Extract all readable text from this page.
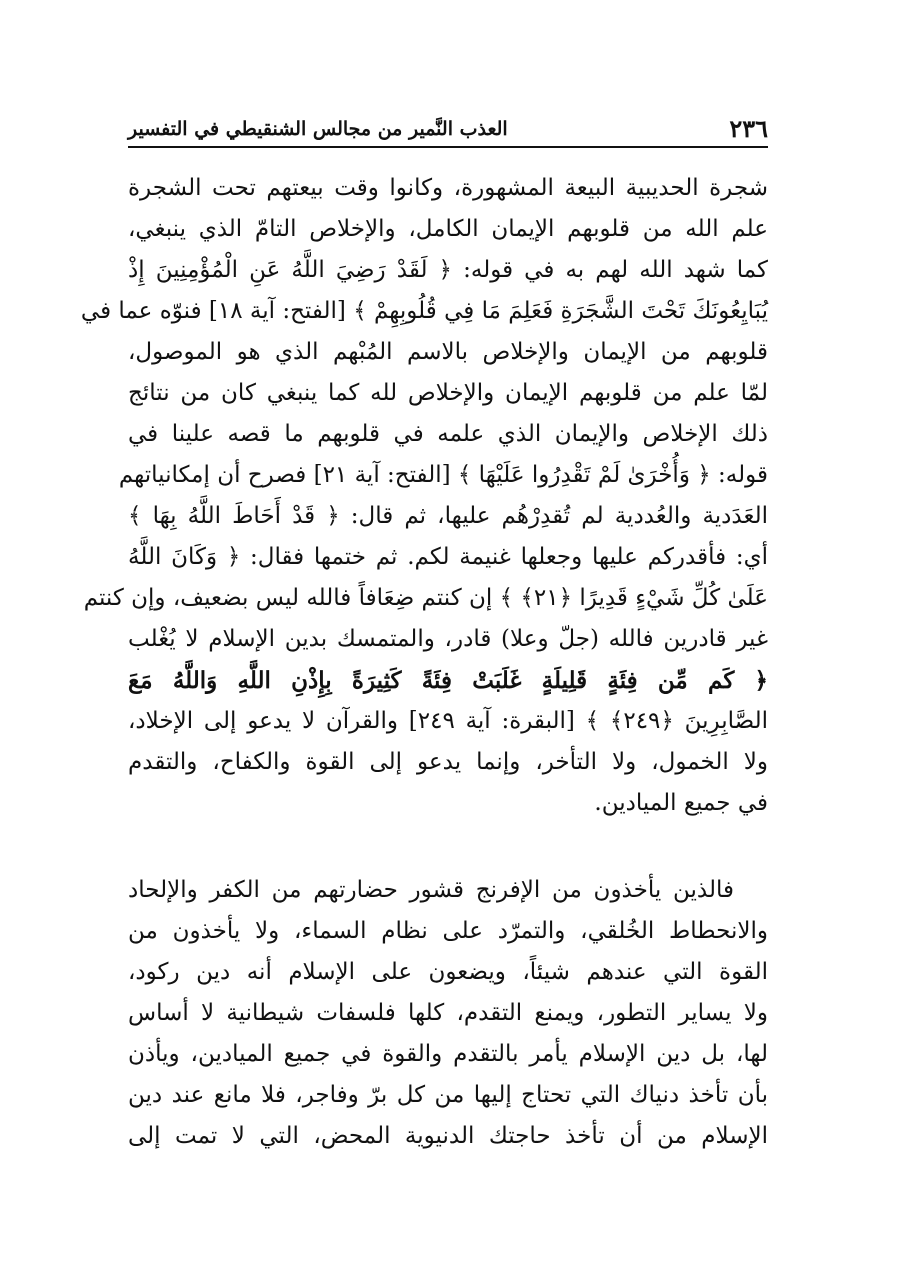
٢٣٦
العذب النَّمير من مجالس الشنقيطي في التفسير
شجرة الحديبية البيعة المشهورة، وكانوا وقت بيعتهم تحت الشجرة
علم الله من قلوبهم الإيمان الكامل، والإخلاص التامّ الذي ينبغي،
كما شهد الله لهم به في قوله: ﴿ لَقَدْ رَضِيَ اللَّهُ عَنِ الْمُؤْمِنِينَ إِذْ
يُبَايِعُونَكَ تَحْتَ الشَّجَرَةِ فَعَلِمَ مَا فِي قُلُوبِهِمْ ﴾ [الفتح: آية ١٨] فنوّه عما في
قلوبهم من الإيمان والإخلاص بالاسم المُبْهم الذي هو الموصول،
لمّا علم من قلوبهم الإيمان والإخلاص لله كما ينبغي كان من نتائج
ذلك الإخلاص والإيمان الذي علمه في قلوبهم ما قصه علينا في
قوله: ﴿ وَأُخْرَىٰ لَمْ تَقْدِرُوا عَلَيْهَا ﴾ [الفتح: آية ٢١] فصرح أن إمكانياتهم
العَدَدية والعُددية لم تُقدِرْهُم عليها، ثم قال: ﴿ قَدْ أَحَاطَ اللَّهُ بِهَا ﴾
أي: فأقدركم عليها وجعلها غنيمة لكم. ثم ختمها فقال: ﴿ وَكَانَ اللَّهُ
عَلَىٰ كُلِّ شَيْءٍ قَدِيرًا ﴿٢١﴾ ﴾ إن كنتم ضِعَافاً فالله ليس بضعيف، وإن كنتم
غير قادرين فالله (جلّ وعلا) قادر، والمتمسك بدين الإسلام لا يُغْلب
﴿ كَم مِّن فِئَةٍ قَلِيلَةٍ غَلَبَتْ فِئَةً كَثِيرَةً بِإِذْنِ اللَّهِ وَاللَّهُ مَعَ
الصَّابِرِينَ ﴿٢٤٩﴾ ﴾ [البقرة: آية ٢٤٩] والقرآن لا يدعو إلى الإخلاد،
ولا الخمول، ولا التأخر، وإنما يدعو إلى القوة والكفاح، والتقدم
في جميع الميادين.
فالذين يأخذون من الإفرنج قشور حضارتهم من الكفر والإلحاد
والانحطاط الخُلقي، والتمرّد على نظام السماء، ولا يأخذون من
القوة التي عندهم شيئاً، ويضعون على الإسلام أنه دين ركود،
ولا يساير التطور، ويمنع التقدم، كلها فلسفات شيطانية لا أساس
لها، بل دين الإسلام يأمر بالتقدم والقوة في جميع الميادين، ويأذن
بأن تأخذ دنياك التي تحتاج إليها من كل برّ وفاجر، فلا مانع عند دين
الإسلام من أن تأخذ حاجتك الدنيوية المحض، التي لا تمت إلى
